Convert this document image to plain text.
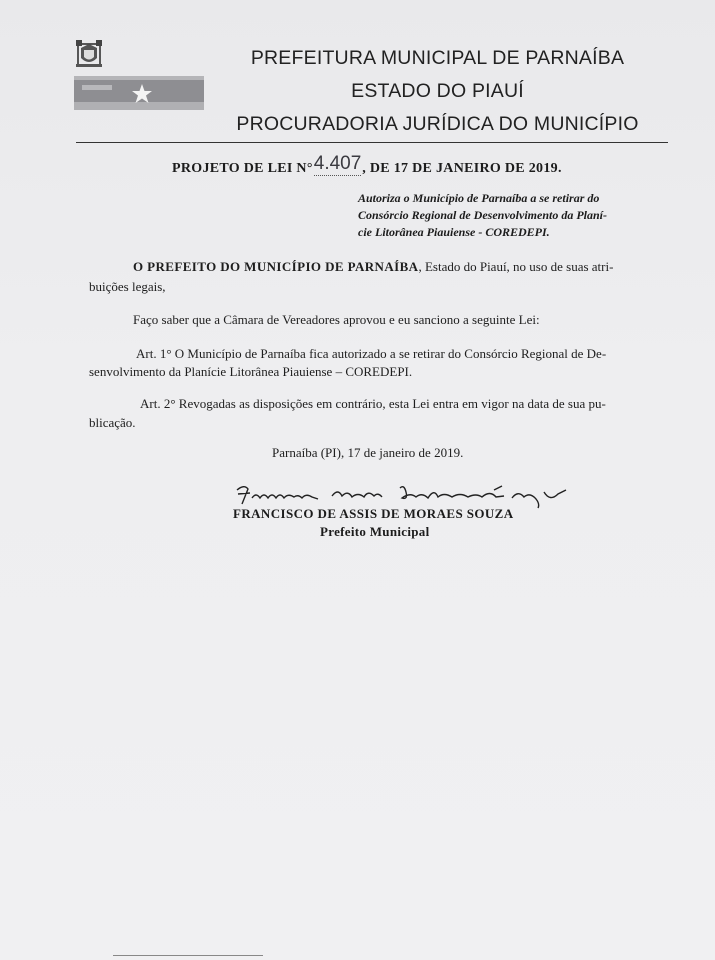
PREFEITURA MUNICIPAL DE PARNAÍBA
ESTADO DO PIAUÍ
PROCURADORIA JURÍDICA DO MUNICÍPIO
PROJETO DE LEI N°4.407, DE 17 DE JANEIRO DE 2019.
Autoriza o Município de Parnaíba a se retirar do
Consórcio Regional de Desenvolvimento da Planí-
cie Litorânea Piauiense - COREDEPI.
O PREFEITO DO MUNICÍPIO DE PARNAÍBA, Estado do Piauí, no uso de suas atri-
buições legais,
Faço saber que a Câmara de Vereadores aprovou e eu sanciono a seguinte Lei:
Art. 1° O Município de Parnaíba fica autorizado a se retirar do Consórcio Regional de De-
senvolvimento da Planície Litorânea Piauiense – COREDEPI.
Art. 2° Revogadas as disposições em contrário, esta Lei entra em vigor na data de sua pu-
blicação.
Parnaíba (PI), 17 de janeiro de 2019.
FRANCISCO DE ASSIS DE MORAES SOUZA
Prefeito Municipal
